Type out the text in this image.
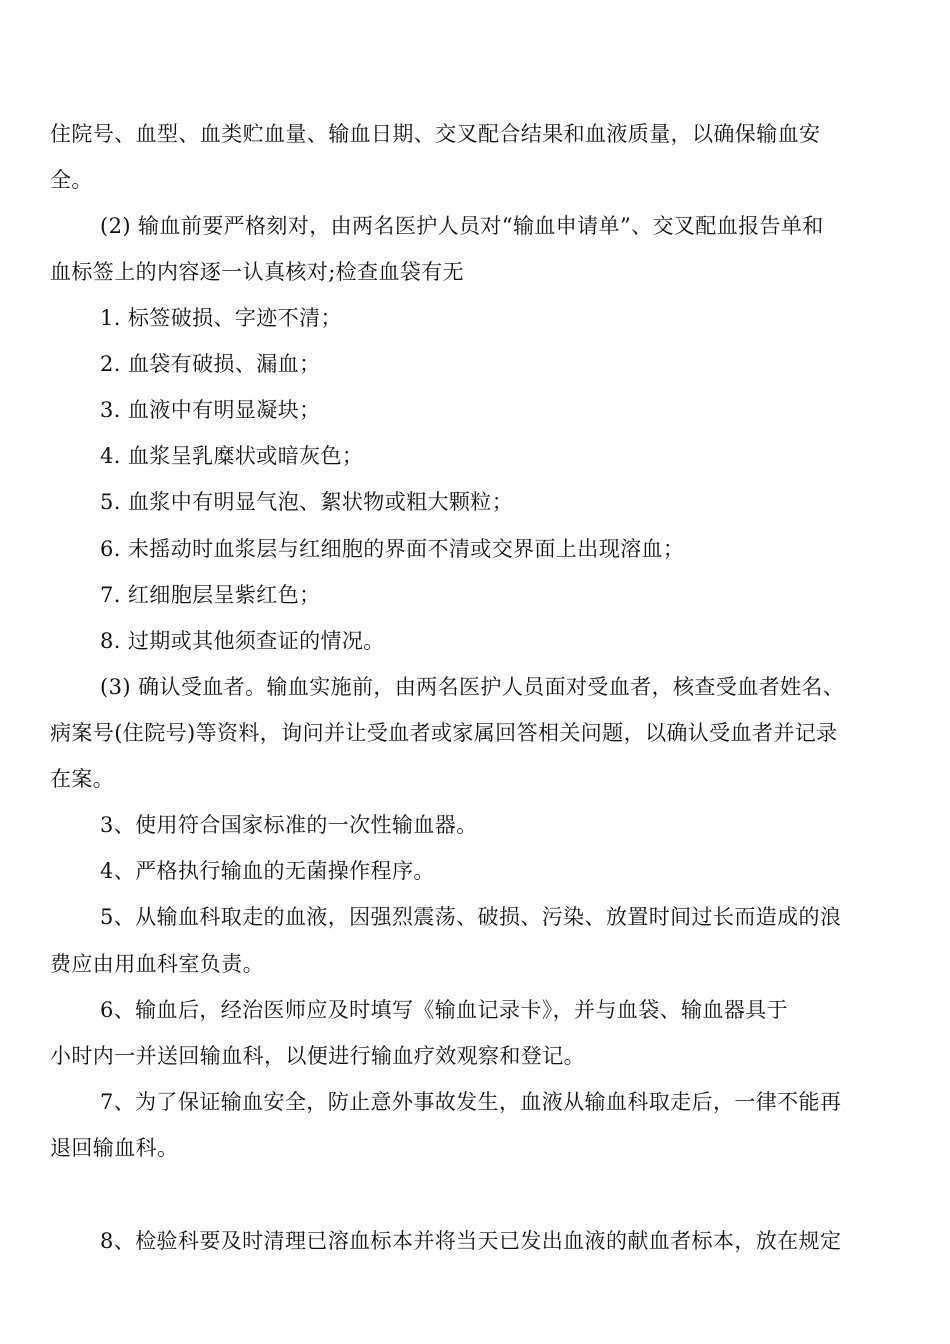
住院号、血型、血类贮血量、输血日期、交叉配合结果和血液质量，以确保输血安
全。
(2) 输血前要严格刻对，由两名医护人员对“输血申请单”、交叉配血报告单和
血标签上的内容逐一认真核对;检查血袋有无
1. 标签破损、字迹不清；
2. 血袋有破损、漏血；
3. 血液中有明显凝块；
4. 血浆呈乳糜状或暗灰色；
5. 血浆中有明显气泡、絮状物或粗大颗粒；
6. 未摇动时血浆层与红细胞的界面不清或交界面上出现溶血；
7. 红细胞层呈紫红色；
8. 过期或其他须查证的情况。
(3) 确认受血者。输血实施前，由两名医护人员面对受血者，核查受血者姓名、
病案号(住院号)等资料，询问并让受血者或家属回答相关问题，以确认受血者并记录
在案。
3、使用符合国家标准的一次性输血器。
4、严格执行输血的无菌操作程序。
5、从输血科取走的血液，因强烈震荡、破损、污染、放置时间过长而造成的浪
费应由用血科室负责。
6、输血后，经治医师应及时填写《输血记录卡》，并与血袋、输血器具于
小时内一并送回输血科，以便进行输血疗效观察和登记。
7、为了保证输血安全，防止意外事故发生，血液从输血科取走后，一律不能再
退回输血科。
8、检验科要及时清理已溶血标本并将当天已发出血液的献血者标本，放在规定
